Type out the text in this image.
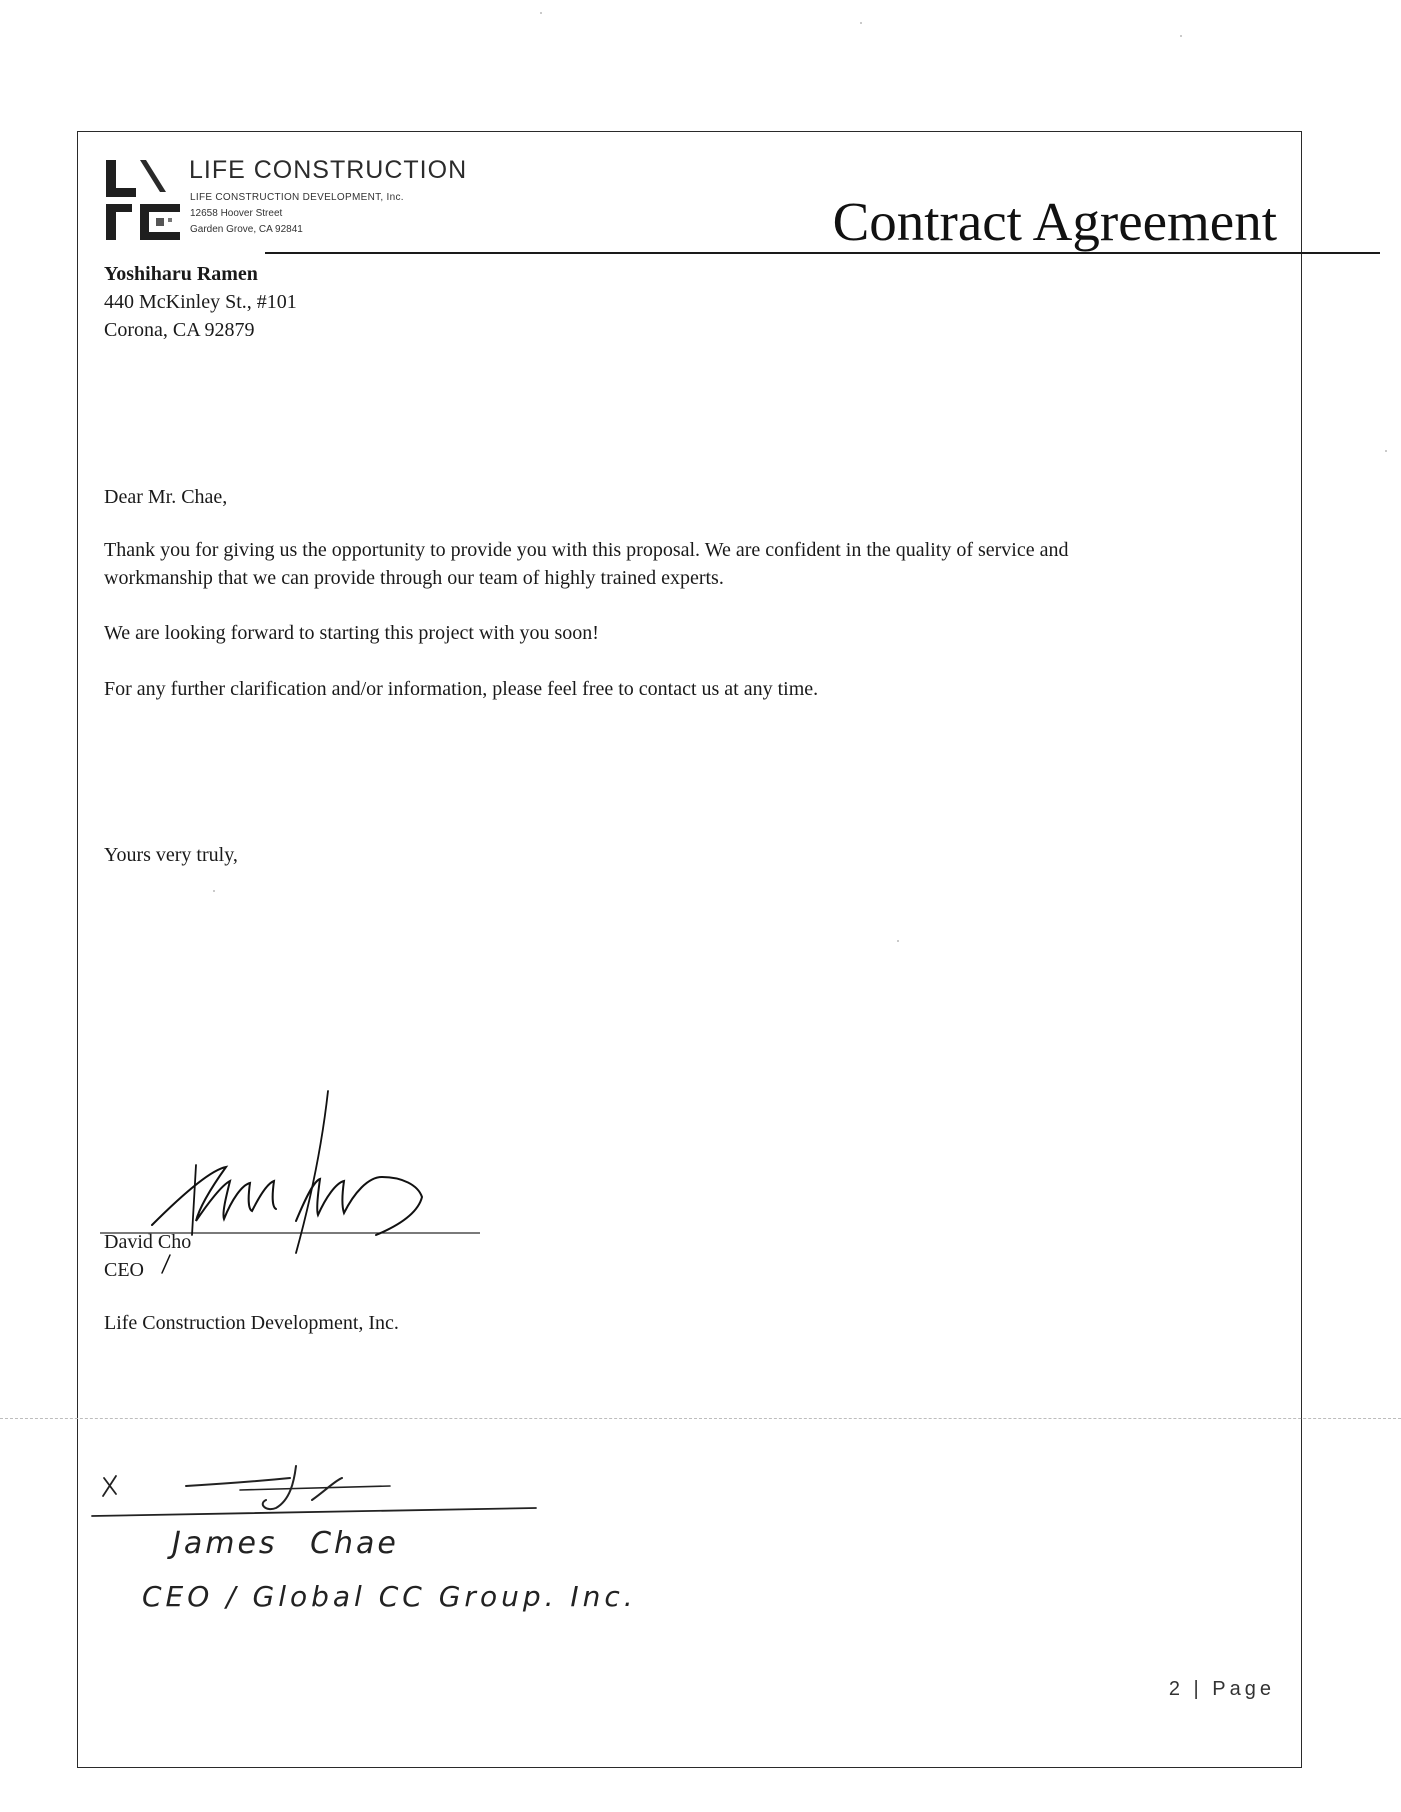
LIFE CONSTRUCTION
LIFE CONSTRUCTION DEVELOPMENT, Inc.
12658 Hoover Street
Garden Grove, CA 92841	Contract Agreement
Yoshiharu Ramen
440 McKinley St., #101
Corona, CA 92879
Dear Mr. Chae,
Thank you for giving us the opportunity to provide you with this proposal. We are confident in the quality of service and
workmanship that we can provide through our team of highly trained experts.
We are looking forward to starting this project with you soon!
For any further clarification and/or information, please feel free to contact us at any time.
Yours very truly,
David Cho
CEO
Life Construction Development, Inc.
James Chae
CEO / Global CC Group. Inc.
2 | Page
